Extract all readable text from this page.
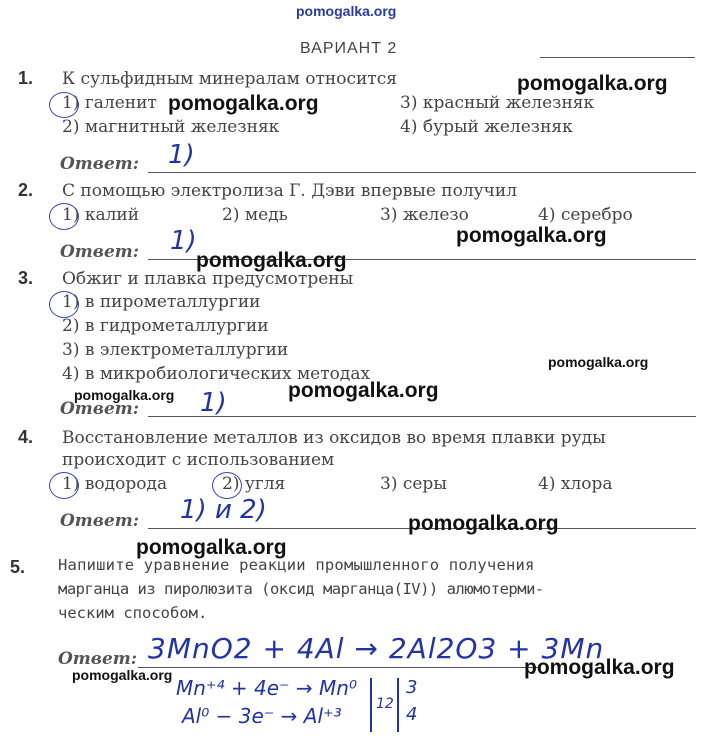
pomogalka.org
ВАРИАНТ 2
1. К сульфидным минералам относится
1) галенит	3) красный железняк
2) магнитный железняк	4) бурый железняк
Ответ: 1)
2. С помощью электролиза Г. Дэви впервые получил
1) калий	2) медь	3) железо	4) серебро
Ответ: 1)
3. Обжиг и плавка предусмотрены
1) в пирометаллургии
2) в гидрометаллургии
3) в электрометаллургии
4) в микробиологических методах
Ответ: 1)
4. Восстановление металлов из оксидов во время плавки руды
происходит с использованием
1) водорода	2) угля	3) серы	4) хлора
Ответ: 1) и 2)
5. Напишите уравнение реакции промышленного получения
марганца из пиролюзита (оксид марганца(IV)) алюмотерми-
ческим способом.
Ответ: 3MnO2 + 4Al → 2Al2O3 + 3Mn
Mn⁺⁴ + 4e⁻ → Mn⁰
Al⁰ − 3e⁻ → Al⁺³ 12
3
4
pomogalka.org
pomogalka.org
pomogalka.org
pomogalka.org
pomogalka.org
pomogalka.org
pomogalka.org
pomogalka.org
pomogalka.org
pomogalka.org
pomogalka.org
